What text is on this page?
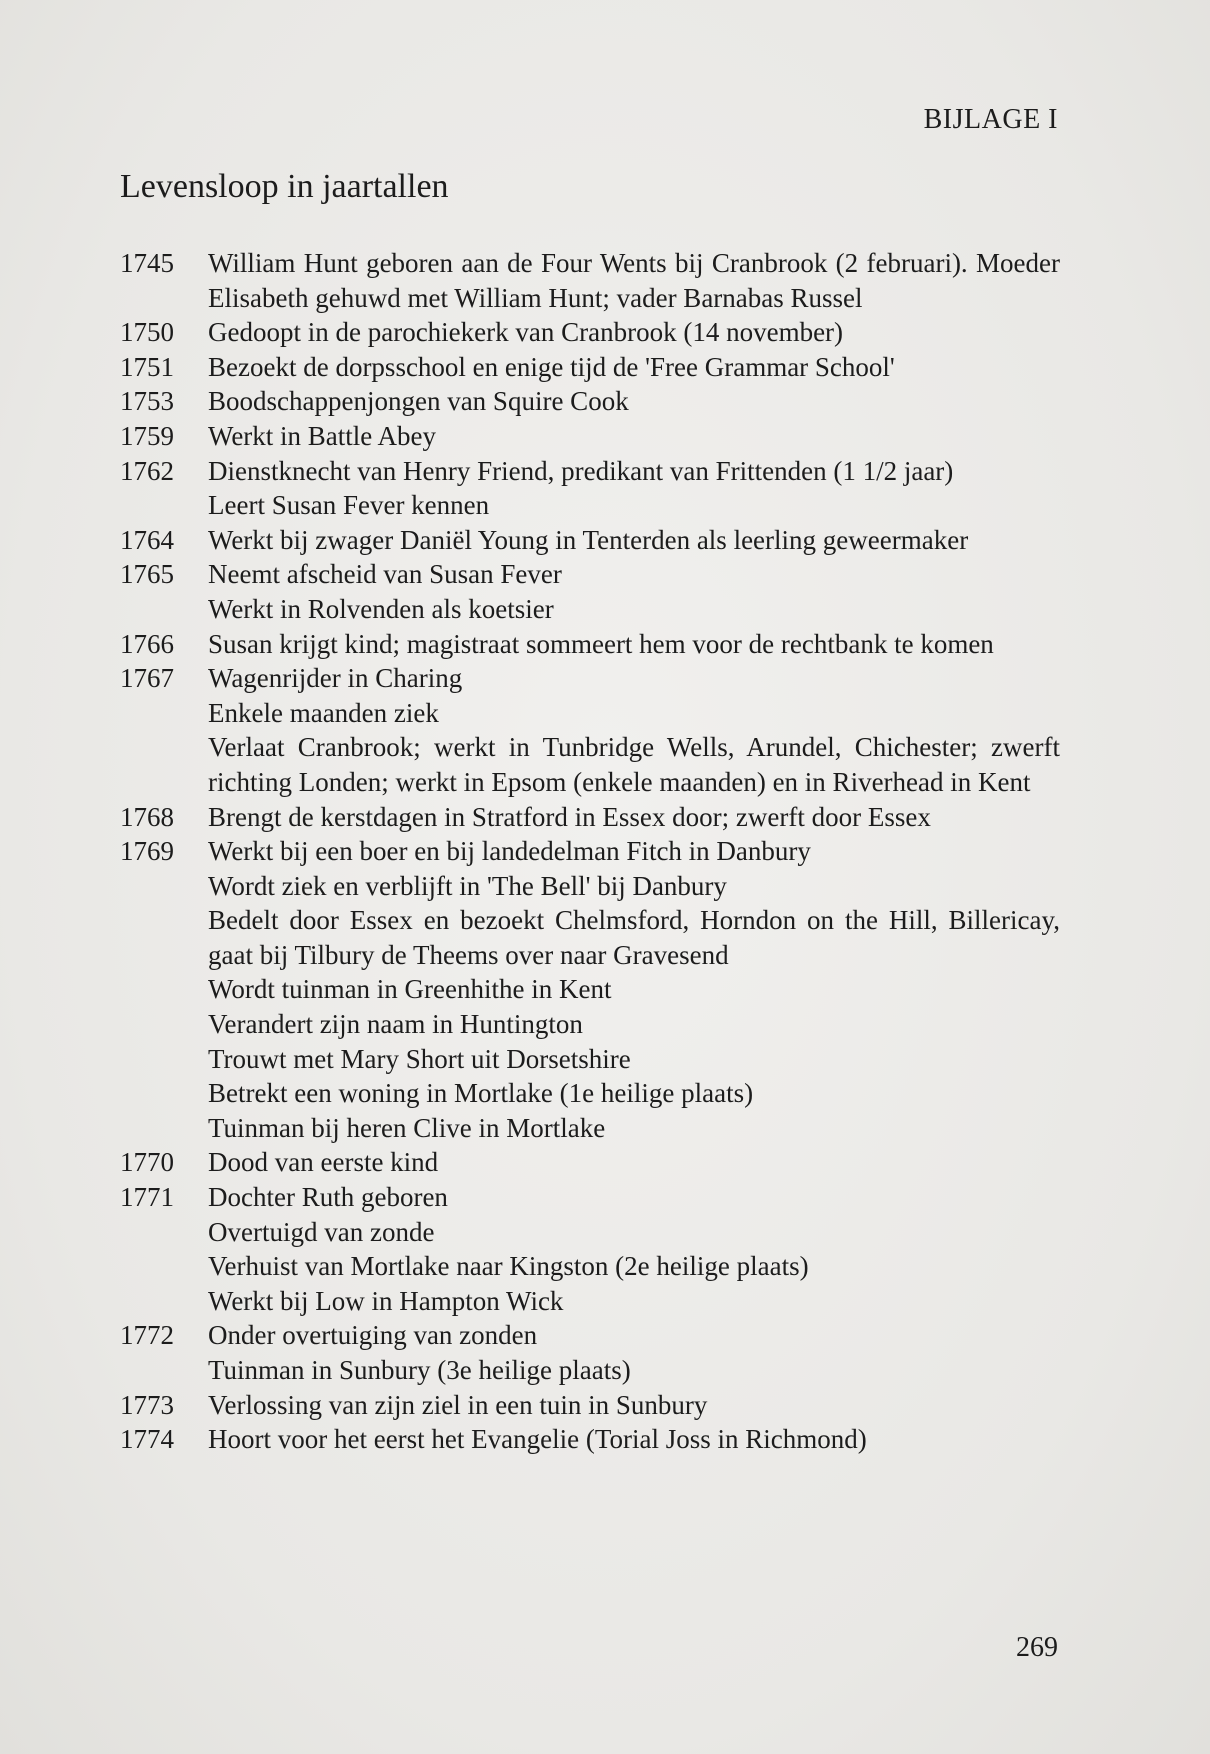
BIJLAGE I
Levensloop in jaartallen
1745	William Hunt geboren aan de Four Wents bij Cranbrook (2 februari). Moeder Elisabeth gehuwd met William Hunt; vader Barnabas Russel
1750	Gedoopt in de parochiekerk van Cranbrook (14 november)
1751	Bezoekt de dorpsschool en enige tijd de 'Free Grammar School'
1753	Boodschappenjongen van Squire Cook
1759	Werkt in Battle Abey
1762	Dienstknecht van Henry Friend, predikant van Frittenden (1 1/2 jaar)
Leert Susan Fever kennen
1764	Werkt bij zwager Daniël Young in Tenterden als leerling geweermaker
1765	Neemt afscheid van Susan Fever
Werkt in Rolvenden als koetsier
1766	Susan krijgt kind; magistraat sommeert hem voor de rechtbank te komen
1767	Wagenrijder in Charing
Enkele maanden ziek
Verlaat Cranbrook; werkt in Tunbridge Wells, Arundel, Chichester; zwerft richting Londen; werkt in Epsom (enkele maanden) en in Riverhead in Kent
1768	Brengt de kerstdagen in Stratford in Essex door; zwerft door Essex
1769	Werkt bij een boer en bij landedelman Fitch in Danbury
Wordt ziek en verblijft in 'The Bell' bij Danbury
Bedelt door Essex en bezoekt Chelmsford, Horndon on the Hill, Billericay, gaat bij Tilbury de Theems over naar Gravesend
Wordt tuinman in Greenhithe in Kent
Verandert zijn naam in Huntington
Trouwt met Mary Short uit Dorsetshire
Betrekt een woning in Mortlake (1e heilige plaats)
Tuinman bij heren Clive in Mortlake
1770	Dood van eerste kind
1771	Dochter Ruth geboren
Overtuigd van zonde
Verhuist van Mortlake naar Kingston (2e heilige plaats)
Werkt bij Low in Hampton Wick
1772	Onder overtuiging van zonden
Tuinman in Sunbury (3e heilige plaats)
1773	Verlossing van zijn ziel in een tuin in Sunbury
1774	Hoort voor het eerst het Evangelie (Torial Joss in Richmond)
269
